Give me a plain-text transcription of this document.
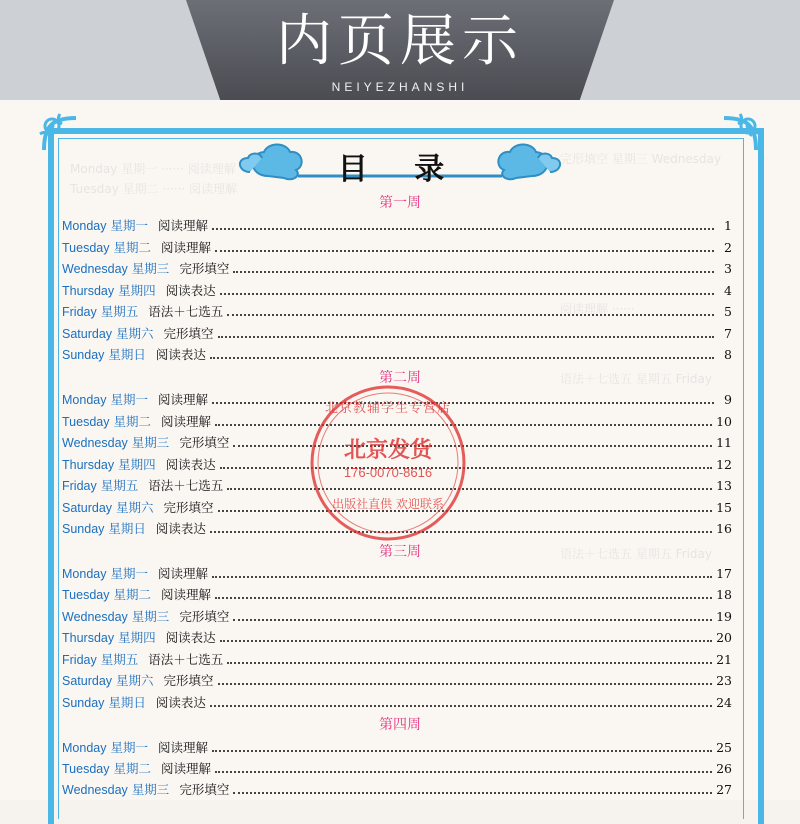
内页展示
NEIYEZHANSHI
Monday 星期一 ······ 阅读理解
Tuesday 星期二 ······ 阅读理解
完形填空 星期三 Wednesday
阅读理解 ······
语法＋七选五 星期五 Friday
语法＋七选五 星期五 Friday
目 录
第一周
Monday 星期一 阅读理解	1
Tuesday 星期二 阅读理解	2
Wednesday 星期三 完形填空	3
Thursday 星期四 阅读表达	4
Friday 星期五 语法＋七选五	5
Saturday 星期六 完形填空	7
Sunday 星期日 阅读表达	8
第二周
Monday 星期一 阅读理解	9
Tuesday 星期二 阅读理解	10
Wednesday 星期三 完形填空	11
Thursday 星期四 阅读表达	12
Friday 星期五 语法＋七选五	13
Saturday 星期六 完形填空	15
Sunday 星期日 阅读表达	16
第三周
Monday 星期一 阅读理解	17
Tuesday 星期二 阅读理解	18
Wednesday 星期三 完形填空	19
Thursday 星期四 阅读表达	20
Friday 星期五 语法＋七选五	21
Saturday 星期六 完形填空	23
Sunday 星期日 阅读表达	24
第四周
Monday 星期一 阅读理解	25
Tuesday 星期二 阅读理解	26
Wednesday 星期三 完形填空	27
北京教辅学生专营店
北京发货
176-0070-8616
出版社直供 欢迎联系
